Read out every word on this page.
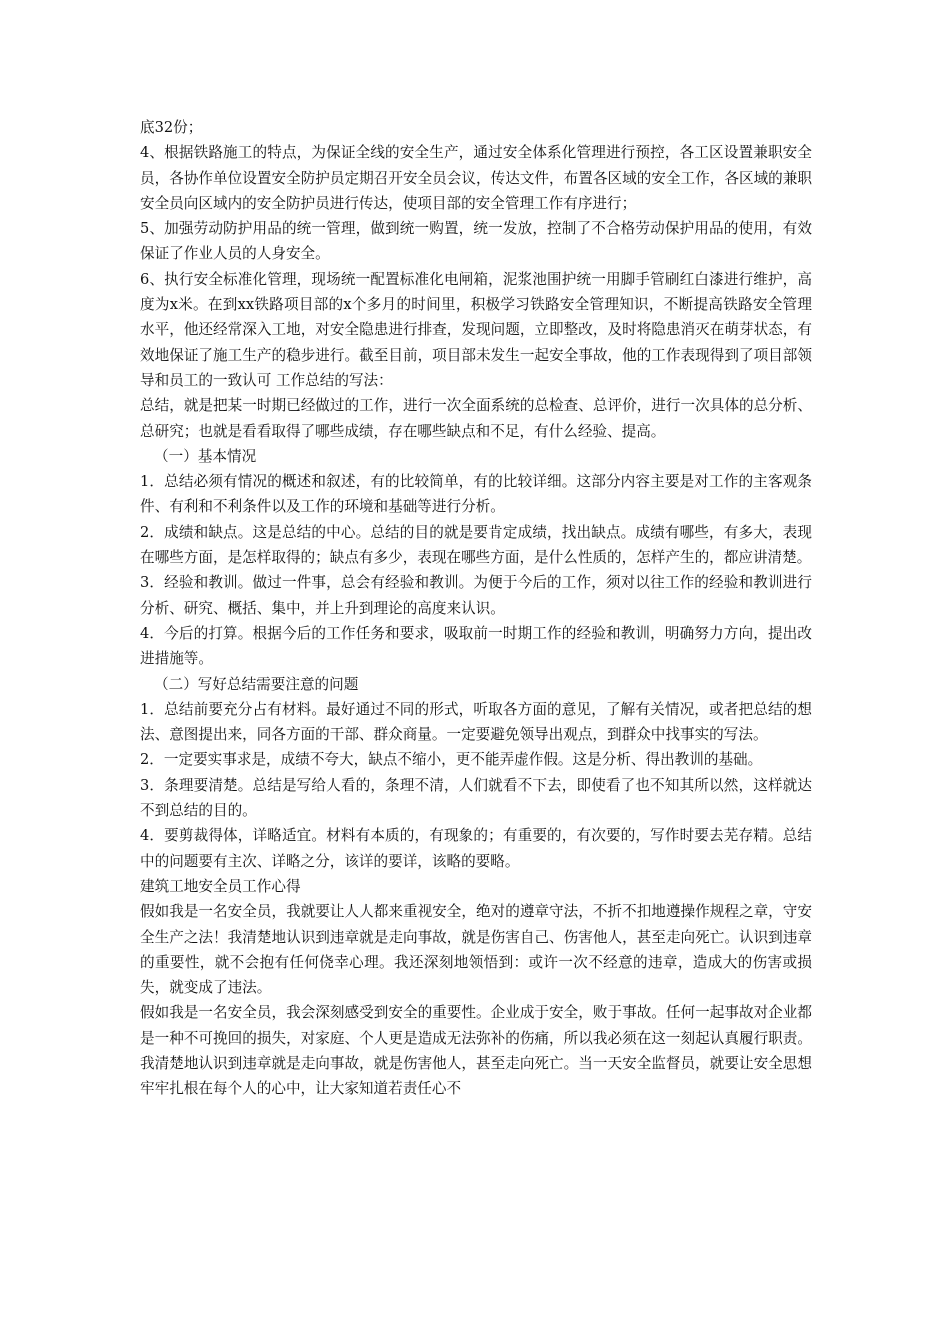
底32份；

4、根据铁路施工的特点，为保证全线的安全生产，通过安全体系化管理进行预控，各工区设置兼职安全员，各协作单位设置安全防护员定期召开安全员会议，传达文件，布置各区域的安全工作，各区域的兼职安全员向区域内的安全防护员进行传达，使项目部的安全管理工作有序进行；

5、加强劳动防护用品的统一管理，做到统一购置，统一发放，控制了不合格劳动保护用品的使用，有效保证了作业人员的人身安全。

6、执行安全标准化管理，现场统一配置标准化电闸箱，泥浆池围护统一用脚手管刷红白漆进行维护，高度为x米。在到xx铁路项目部的x个多月的时间里，积极学习铁路安全管理知识，不断提高铁路安全管理水平，他还经常深入工地，对安全隐患进行排查，发现问题，立即整改，及时将隐患消灭在萌芽状态，有效地保证了施工生产的稳步进行。截至目前，项目部未发生一起安全事故，他的工作表现得到了项目部领导和员工的一致认可 工作总结的写法：

总结，就是把某一时期已经做过的工作，进行一次全面系统的总检查、总评价，进行一次具体的总分析、总研究；也就是看看取得了哪些成绩，存在哪些缺点和不足，有什么经验、提高。

（一）基本情况

1．总结必须有情况的概述和叙述，有的比较简单，有的比较详细。这部分内容主要是对工作的主客观条件、有利和不利条件以及工作的环境和基础等进行分析。

2．成绩和缺点。这是总结的中心。总结的目的就是要肯定成绩，找出缺点。成绩有哪些，有多大，表现在哪些方面，是怎样取得的；缺点有多少，表现在哪些方面，是什么性质的，怎样产生的，都应讲清楚。

3．经验和教训。做过一件事，总会有经验和教训。为便于今后的工作，须对以往工作的经验和教训进行分析、研究、概括、集中，并上升到理论的高度来认识。

4．今后的打算。根据今后的工作任务和要求，吸取前一时期工作的经验和教训，明确努力方向，提出改进措施等。

（二）写好总结需要注意的问题

1．总结前要充分占有材料。最好通过不同的形式，听取各方面的意见，了解有关情况，或者把总结的想法、意图提出来，同各方面的干部、群众商量。一定要避免领导出观点，到群众中找事实的写法。

2．一定要实事求是，成绩不夸大，缺点不缩小，更不能弄虚作假。这是分析、得出教训的基础。

3．条理要清楚。总结是写给人看的，条理不清，人们就看不下去，即使看了也不知其所以然，这样就达不到总结的目的。

4．要剪裁得体，详略适宜。材料有本质的，有现象的；有重要的，有次要的，写作时要去芜存精。总结中的问题要有主次、详略之分，该详的要详，该略的要略。

建筑工地安全员工作心得

假如我是一名安全员，我就要让人人都来重视安全，绝对的遵章守法，不折不扣地遵操作规程之章，守安全生产之法！我清楚地认识到违章就是走向事故，就是伤害自己、伤害他人，甚至走向死亡。认识到违章的重要性，就不会抱有任何侥幸心理。我还深刻地领悟到：或许一次不经意的违章，造成大的伤害或损失，就变成了违法。

假如我是一名安全员，我会深刻感受到安全的重要性。企业成于安全，败于事故。任何一起事故对企业都是一种不可挽回的损失，对家庭、个人更是造成无法弥补的伤痛，所以我必须在这一刻起认真履行职责。我清楚地认识到违章就是走向事故，就是伤害他人，甚至走向死亡。当一天安全监督员，就要让安全思想牢牢扎根在每个人的心中，让大家知道若责任心不
